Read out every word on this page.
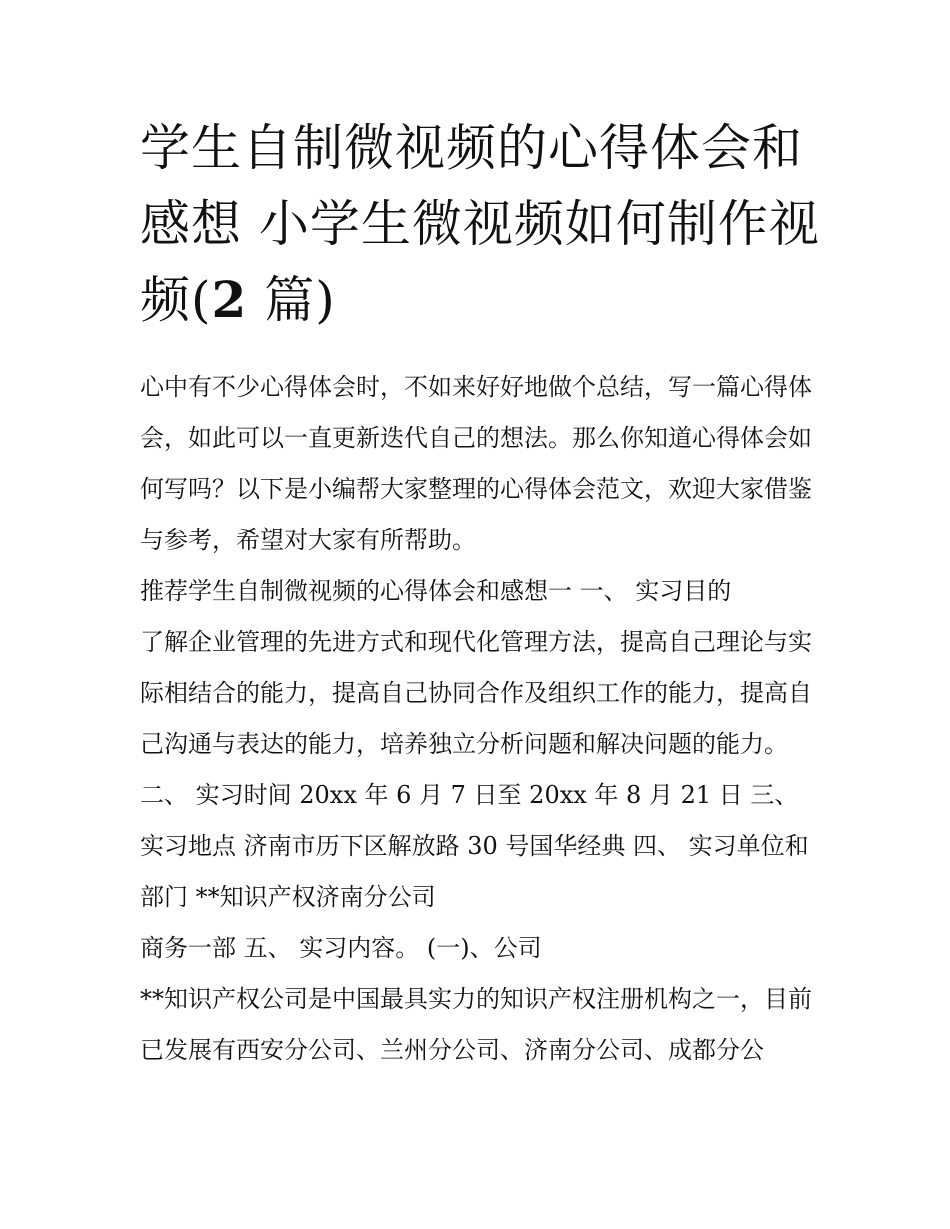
学生自制微视频的心得体会和感想 小学生微视频如何制作视频(2 篇)

心中有不少心得体会时，不如来好好地做个总结，写一篇心得体会，如此可以一直更新迭代自己的想法。那么你知道心得体会如何写吗？以下是小编帮大家整理的心得体会范文，欢迎大家借鉴与参考，希望对大家有所帮助。

推荐学生自制微视频的心得体会和感想一 一、 实习目的

了解企业管理的先进方式和现代化管理方法，提高自己理论与实际相结合的能力，提高自己协同合作及组织工作的能力，提高自己沟通与表达的能力，培养独立分析问题和解决问题的能力。

二、 实习时间 20xx 年 6 月 7 日至 20xx 年 8 月 21 日 三、 实习地点 济南市历下区解放路 30 号国华经典 四、 实习单位和部门 **知识产权济南分公司

商务一部 五、 实习内容。 (一)、公司

**知识产权公司是中国最具实力的知识产权注册机构之一，目前已发展有西安分公司、兰州分公司、济南分公司、成都分公
